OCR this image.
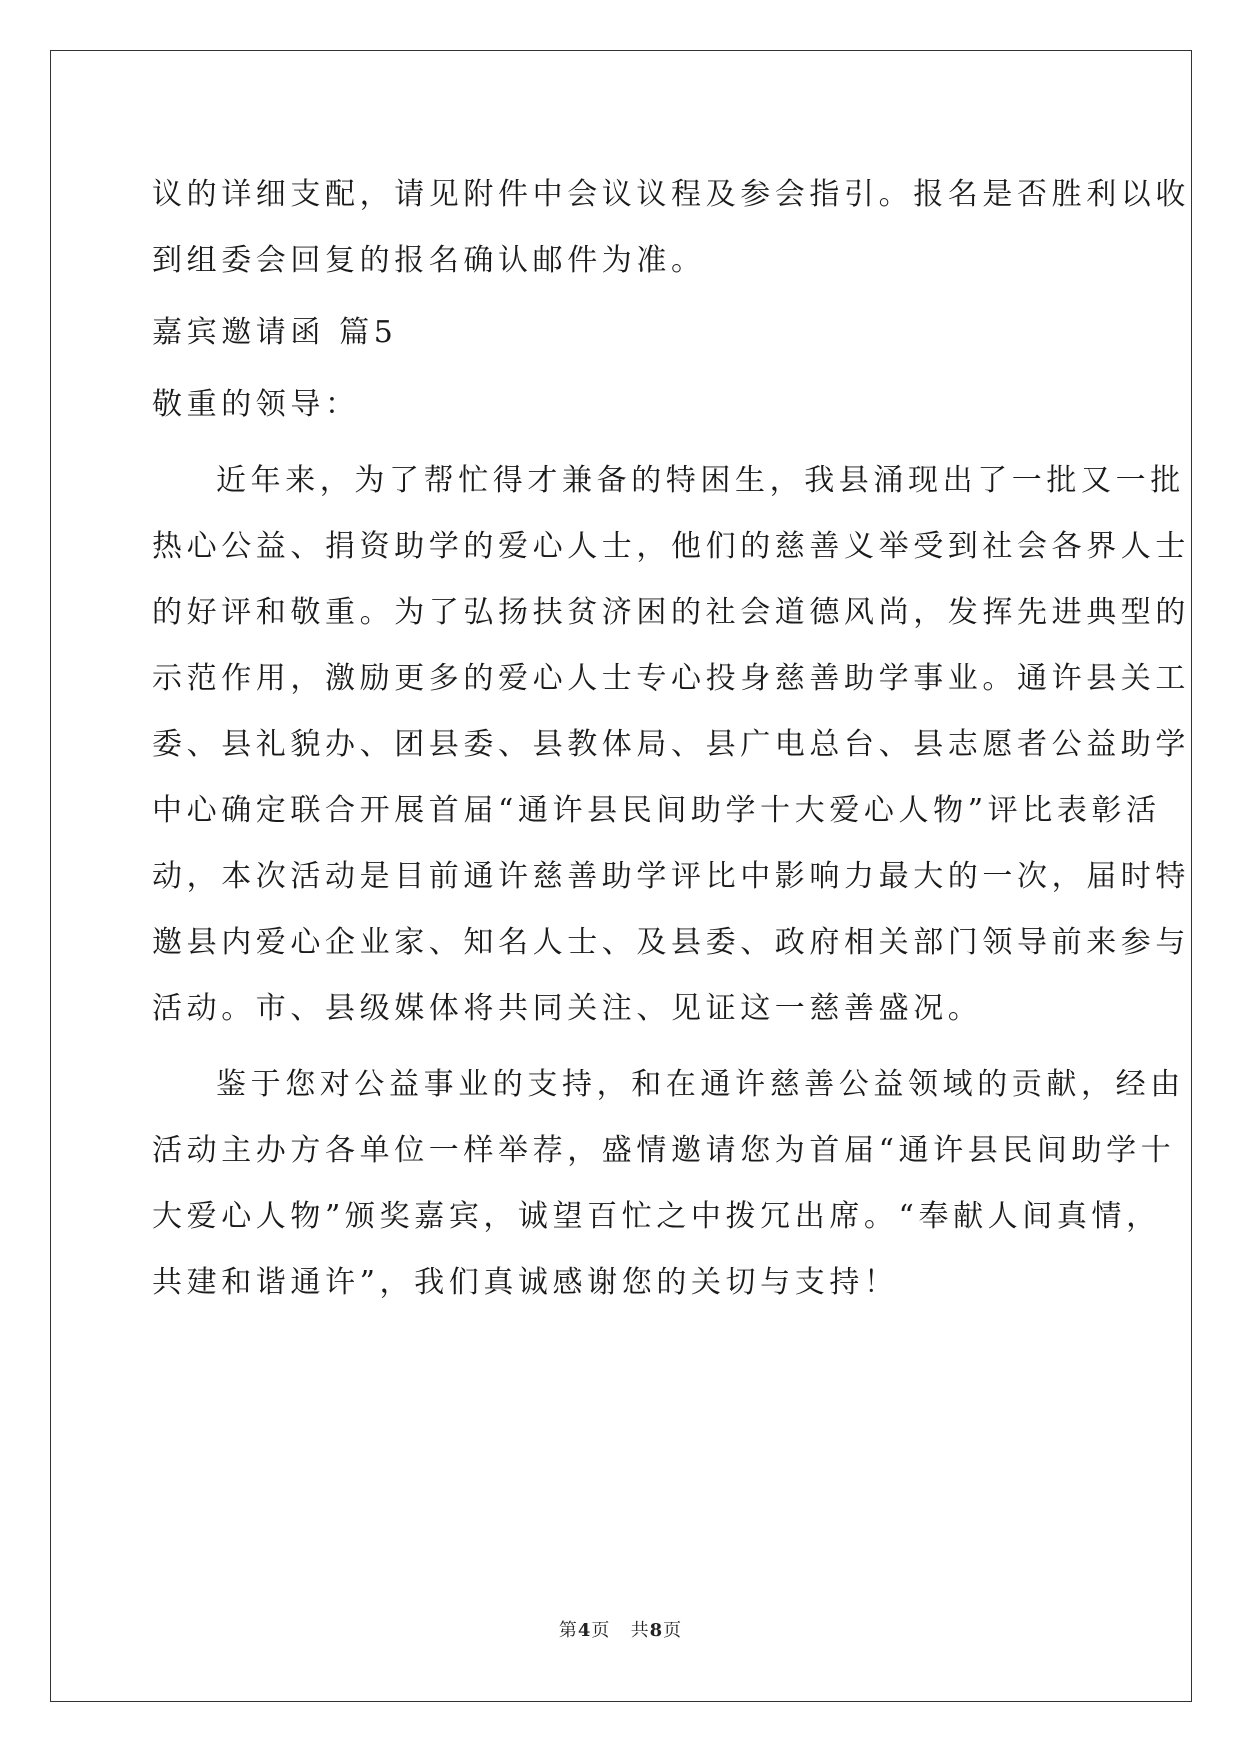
议的详细支配，请见附件中会议议程及参会指引。报名是否胜利以收

到组委会回复的报名确认邮件为准。

嘉宾邀请函 篇5

敬重的领导：

近年来，为了帮忙得才兼备的特困生，我县涌现出了一批又一批

热心公益、捐资助学的爱心人士，他们的慈善义举受到社会各界人士

的好评和敬重。为了弘扬扶贫济困的社会道德风尚，发挥先进典型的

示范作用，激励更多的爱心人士专心投身慈善助学事业。通许县关工

委、县礼貌办、团县委、县教体局、县广电总台、县志愿者公益助学

中心确定联合开展首届“通许县民间助学十大爱心人物”评比表彰活

动，本次活动是目前通许慈善助学评比中影响力最大的一次，届时特

邀县内爱心企业家、知名人士、及县委、政府相关部门领导前来参与

活动。市、县级媒体将共同关注、见证这一慈善盛况。

鉴于您对公益事业的支持，和在通许慈善公益领域的贡献，经由

活动主办方各单位一样举荐，盛情邀请您为首届“通许县民间助学十

大爱心人物”颁奖嘉宾，诚望百忙之中拨冗出席。“奉献人间真情，

共建和谐通许”，我们真诚感谢您的关切与支持！

第4页 共8页
